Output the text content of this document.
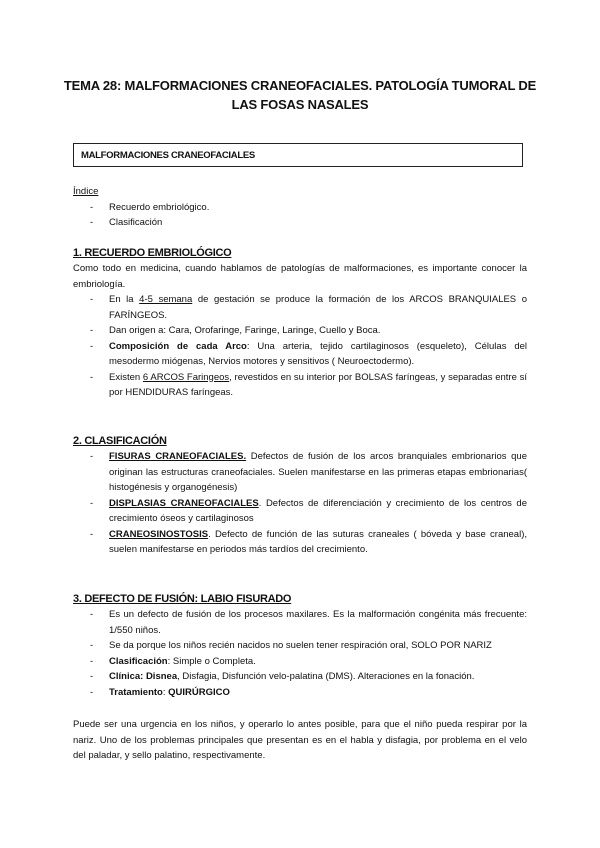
TEMA 28: MALFORMACIONES CRANEOFACIALES. PATOLOGÍA TUMORAL DE
LAS FOSAS NASALES
MALFORMACIONES CRANEOFACIALES
Índice
- Recuerdo embriológico.
- Clasificación
1. RECUERDO EMBRIOLÓGICO
Como todo en medicina, cuando hablamos de patologías de malformaciones, es importante conocer la embriología.
- En la 4-5 semana de gestación se produce la formación de los ARCOS BRANQUIALES o FARÍNGEOS.
- Dan origen a: Cara, Orofaringe, Faringe, Laringe, Cuello y Boca.
- Composición de cada Arco: Una arteria, tejido cartilaginosos (esqueleto), Células del mesodermo miógenas, Nervios motores y sensitivos ( Neuroectodermo).
- Existen 6 ARCOS Faringeos, revestidos en su interior por BOLSAS faríngeas, y separadas entre sí por HENDIDURAS faríngeas.
2. CLASIFICACIÓN
- FISURAS CRANEOFACIALES. Defectos de fusión de los arcos branquiales embrionarios que originan las estructuras craneofaciales. Suelen manifestarse en las primeras etapas embrionarias( histogénesis y organogénesis)
- DISPLASIAS CRANEOFACIALES. Defectos de diferenciación y crecimiento de los centros de crecimiento óseos y cartilaginosos
- CRANEOSINOSTOSIS. Defecto de función de las suturas craneales ( bóveda y base craneal), suelen manifestarse en periodos más tardíos del crecimiento.
3. DEFECTO DE FUSIÓN: LABIO FISURADO
- Es un defecto de fusión de los procesos maxilares. Es la malformación congénita más frecuente: 1/550 niños.
- Se da porque los niños recién nacidos no suelen tener respiración oral, SOLO POR NARIZ
- Clasificación: Simple o Completa.
- Clínica: Disnea, Disfagia, Disfunción velo-palatina (DMS). Alteraciones en la fonación.
- Tratamiento: QUIRÚRGICO
Puede ser una urgencia en los niños, y operarlo lo antes posible, para que el niño pueda respirar por la nariz. Uno de los problemas principales que presentan es en el habla y disfagia, por problema en el velo del paladar, y sello palatino, respectivamente.
